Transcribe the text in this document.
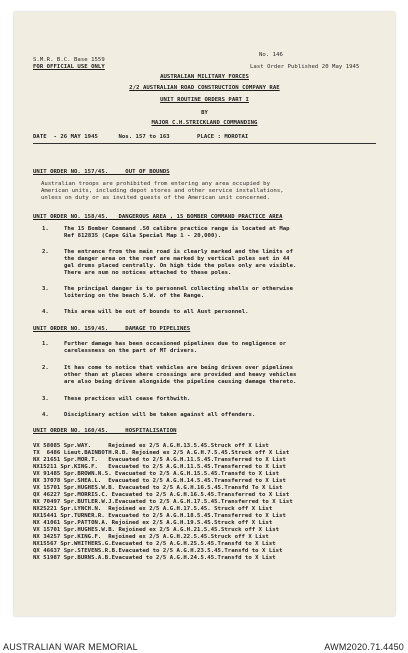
S.M.R. B.C. Base 1559
FOR OFFICIAL USE ONLY
No. 146
Last Order Published 20 May 1945
AUSTRALIAN MILITARY FORCES
2/2 AUSTRALIAN ROAD CONSTRUCTION COMPANY RAE
UNIT ROUTINE ORDERS PART I
BY
MAJOR C.H.STRICKLAND COMMANDING
DATE  - 26 MAY 1945      Nos. 157 to 163        PLACE : MOROTAI
UNIT ORDER NO. 157/45.     OUT OF BOUNDS
Australian troops are prohibited from entering any area occupied by
American units, including depot stores and other service installations,
unless on duty or as invited guests of the American unit concerned.
UNIT ORDER NO. 158/45.   DANGEROUS AREA , 15 BOMBER COMMAND PRACTICE AREA
1.	The 15 Bomber Command .50 calibre practice range is located at Map
Ref 812835 (Cape Gila Special Map 1 - 20,000).
2.	The entrance from the main road is clearly marked and the limits of
the danger area on the reef are marked by vertical poles set in 44
gal drums placed centrally. On high tide the poles only are visible.
There are num no notices attached to these poles.
3.	The principal danger is to personnel collecting shells or otherwise
loitering on the beach S.W. of the Range.
4.	This area will be out of bounds to all Aust personnel.
UNIT ORDER NO. 159/45.     DAMAGE TO PIPELINES
1.	Further damage has been occasioned pipelines due to negligence or
carelessness on the part of MT drivers.
2.	It has come to notice that vehicles are being driven over pipelines
other than at places where crossings are provided and heavy vehicles
are also being driven alongside the pipeline causing damage thereto.
3.	These practices will cease forthwith.
4.	Disciplinary action will be taken against all offenders.
UNIT ORDER NO. 160/45.     HOSPITALISATION
VX 58085 Spr.WAY.     Rejoined ex 2/5 A.G.H.13.5.45.Struck off X List
TX  6486 Lieut.BAINBOTH.R.B. Rejoined ex 2/5 A.G.H.7.5.45.Struck off X List
NX 21651 Spr.MOR.T.   Evacuated to 2/5 A.G.H.11.5.45.Transferred to X List
NX15211 Spr.KING.F.   Evacuated to 2/5 A.G.H.11.5.45.Transferred to X List
VX 91485 Spr.BROWN.N.S. Evacuated to 2/5 A.G.H.15.5.45.Transfd to X List
NX 37078 Spr.SHEA.L.  Evacuated to 2/5 A.G.H.14.5.45.Transferred to X List
VX 15701 Spr.HUGHES.W.B. Evacuated to 2/5 A.G.H.16.5.45.Transfd To X List
QX 46227 Spr.MORRIS.C. Evacuated to 2/5 A.G.H.16.5.45.Transferred to X List
NX 70497 Spr.BUTLER.W.J.Evacuated to 2/5 A.G.H.17.5.45.Transferred to X List
NX25221 Spr.LYNCH.N.  Rejoined ex 2/5 A.G.H.17.5.45. Struck off X List
NX15441 Spr.TURNER.R. Evacuated to 2/5 A.G.H.18.5.45.Transferred to X List
NX 41061 Spr.PATTON.A. Rejoined ex 2/5 A.G.H.19.5.45.Struck off X List
VX 15701 Spr.HUGHES.W.B. Rejoined ex 2/5 A.G.H.21.5.45.Struck off X List
NX 34257 Spr.KING.F.  Rejoined ex 2/5 A.G.H.22.5.45.Struck off X List
NX15567 Spr.WHITHERS.G.Evacuated to 2/5 A.G.H.25.5.45.Transfd to X List
QX 46637 Spr.STEVENS.R.B.Evacuated to 2/5 A.G.H.23.5.45.Transfd to X List
NX 51987 Spr.BURNS.A.B.Evacuated to 2/5 A.G.H.24.5.45.Transfd to X List
AUSTRALIAN WAR MEMORIAL	AWM2020.71.4450
